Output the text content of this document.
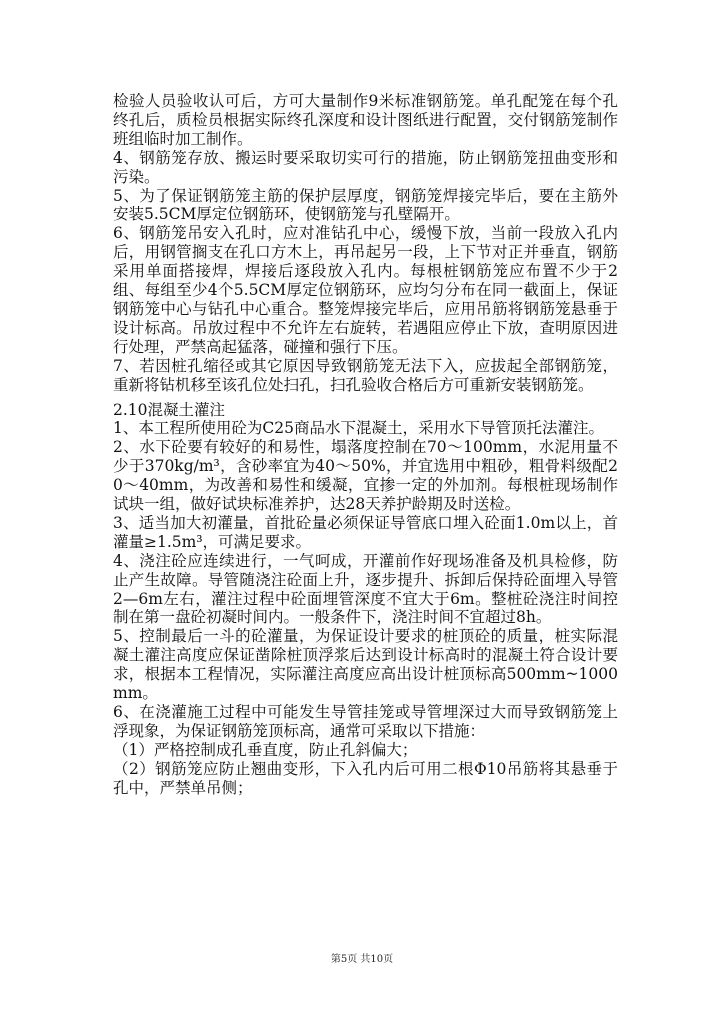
检验人员验收认可后，方可大量制作9米标准钢筋笼。单孔配笼在每个孔终孔后，质检员根据实际终孔深度和设计图纸进行配置，交付钢筋笼制作班组临时加工制作。

4、钢筋笼存放、搬运时要采取切实可行的措施，防止钢筋笼扭曲变形和污染。

5、为了保证钢筋笼主筋的保护层厚度，钢筋笼焊接完毕后，要在主筋外安装5.5CM厚定位钢筋环，使钢筋笼与孔壁隔开。

6、钢筋笼吊安入孔时，应对准钻孔中心，缓慢下放，当前一段放入孔内后，用钢管搁支在孔口方木上，再吊起另一段，上下节对正并垂直，钢筋采用单面搭接焊，焊接后逐段放入孔内。每根桩钢筋笼应布置不少于2组、每组至少4个5.5CM厚定位钢筋环，应均匀分布在同一截面上，保证钢筋笼中心与钻孔中心重合。整笼焊接完毕后，应用吊筋将钢筋笼悬垂于设计标高。吊放过程中不允许左右旋转，若遇阻应停止下放，查明原因进行处理，严禁高起猛落，碰撞和强行下压。

7、若因桩孔缩径或其它原因导致钢筋笼无法下入，应拔起全部钢筋笼，重新将钻机移至该孔位处扫孔，扫孔验收合格后方可重新安装钢筋笼。

2.10混凝土灌注

1、本工程所使用砼为C25商品水下混凝土，采用水下导管顶托法灌注。

2、水下砼要有较好的和易性，塌落度控制在70～100mm，水泥用量不少于370kg/m³，含砂率宜为40～50%，并宜选用中粗砂，粗骨料级配20～40mm，为改善和易性和缓凝，宜掺一定的外加剂。每根桩现场制作试块一组，做好试块标准养护，达28天养护龄期及时送检。

3、适当加大初灌量，首批砼量必须保证导管底口埋入砼面1.0m以上，首灌量≥1.5m³，可满足要求。

4、浇注砼应连续进行，一气呵成，开灌前作好现场准备及机具检修，防止产生故障。导管随浇注砼面上升，逐步提升、拆卸后保持砼面埋入导管2—6m左右，灌注过程中砼面埋管深度不宜大于6m。整桩砼浇注时间控制在第一盘砼初凝时间内。一般条件下，浇注时间不宜超过8h。

5、控制最后一斗的砼灌量，为保证设计要求的桩顶砼的质量，桩实际混凝土灌注高度应保证凿除桩顶浮浆后达到设计标高时的混凝土符合设计要求，根据本工程情况，实际灌注高度应高出设计桩顶标高500mm~1000mm。

6、在浇灌施工过程中可能发生导管挂笼或导管埋深过大而导致钢筋笼上浮现象，为保证钢筋笼顶标高，通常可采取以下措施：

（1）严格控制成孔垂直度，防止孔斜偏大；

（2）钢筋笼应防止翘曲变形，下入孔内后可用二根Φ10吊筋将其悬垂于孔中，严禁单吊侧；

第5页 共10页
